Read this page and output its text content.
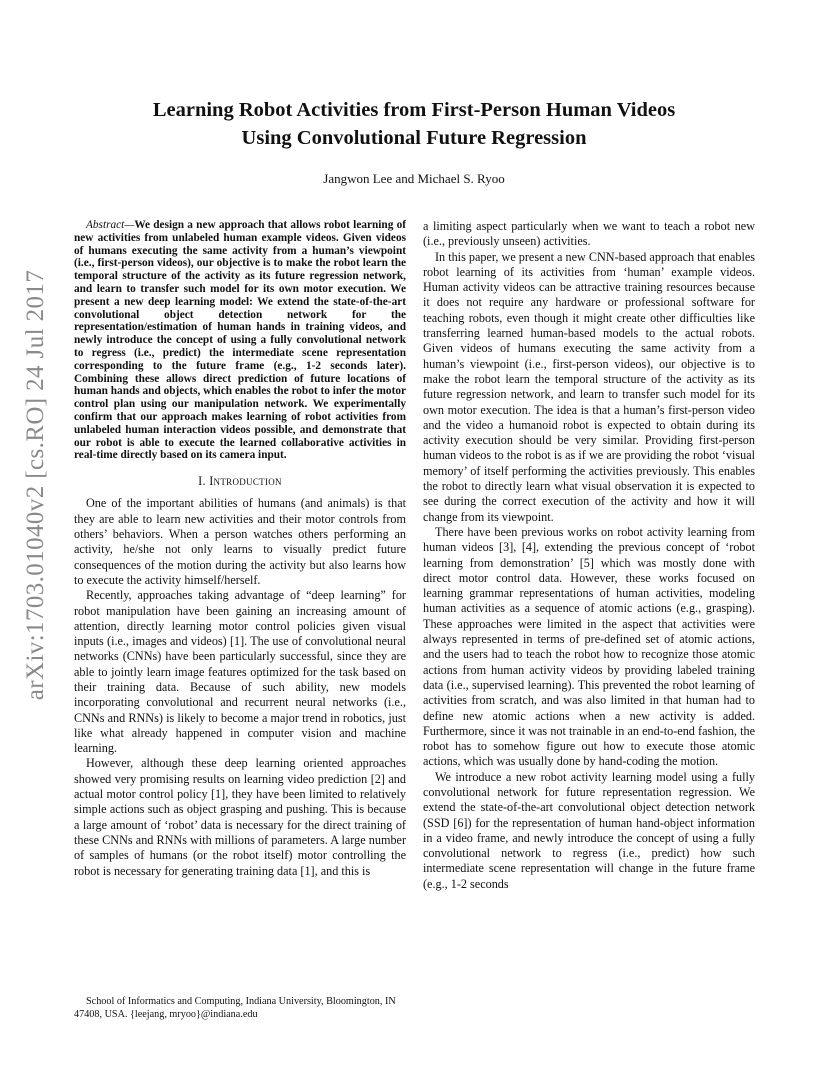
Learning Robot Activities from First-Person Human Videos
Using Convolutional Future Regression
Jangwon Lee and Michael S. Ryoo
arXiv:1703.01040v2 [cs.RO] 24 Jul 2017

Abstract—We design a new approach that allows robot learning of new activities from unlabeled human example videos. Given videos of humans executing the same activity from a human’s viewpoint (i.e., first-person videos), our objective is to make the robot learn the temporal structure of the activity as its future regression network, and learn to transfer such model for its own motor execution. We present a new deep learning model: We extend the state-of-the-art convolutional object detection network for the representation/estimation of human hands in training videos, and newly introduce the concept of using a fully convolutional network to regress (i.e., predict) the intermediate scene representation corresponding to the future frame (e.g., 1-2 seconds later). Combining these allows direct prediction of future locations of human hands and objects, which enables the robot to infer the motor control plan using our manipulation network. We experimentally confirm that our approach makes learning of robot activities from unlabeled human interaction videos possible, and demonstrate that our robot is able to execute the learned collaborative activities in real-time directly based on its camera input.

I. Introduction

One of the important abilities of humans (and animals) is that they are able to learn new activities and their motor controls from others’ behaviors. When a person watches others performing an activity, he/she not only learns to visually predict future consequences of the motion during the activity but also learns how to execute the activity himself/herself.

Recently, approaches taking advantage of “deep learning” for robot manipulation have been gaining an increasing amount of attention, directly learning motor control policies given visual inputs (i.e., images and videos) [1]. The use of convolutional neural networks (CNNs) have been particularly successful, since they are able to jointly learn image features optimized for the task based on their training data. Because of such ability, new models incorporating convolutional and recurrent neural networks (i.e., CNNs and RNNs) is likely to become a major trend in robotics, just like what already happened in computer vision and machine learning.

However, although these deep learning oriented approaches showed very promising results on learning video prediction [2] and actual motor control policy [1], they have been limited to relatively simple actions such as object grasping and pushing. This is because a large amount of ‘robot’ data is necessary for the direct training of these CNNs and RNNs with millions of parameters. A large number of samples of humans (or the robot itself) motor controlling the robot is necessary for generating training data [1], and this is

a limiting aspect particularly when we want to teach a robot new (i.e., previously unseen) activities.

In this paper, we present a new CNN-based approach that enables robot learning of its activities from ‘human’ example videos. Human activity videos can be attractive training resources because it does not require any hardware or professional software for teaching robots, even though it might create other difficulties like transferring learned human-based models to the actual robots. Given videos of humans executing the same activity from a human’s viewpoint (i.e., first-person videos), our objective is to make the robot learn the temporal structure of the activity as its future regression network, and learn to transfer such model for its own motor execution. The idea is that a human’s first-person video and the video a humanoid robot is expected to obtain during its activity execution should be very similar. Providing first-person human videos to the robot is as if we are providing the robot ‘visual memory’ of itself performing the activities previously. This enables the robot to directly learn what visual observation it is expected to see during the correct execution of the activity and how it will change from its viewpoint.

There have been previous works on robot activity learning from human videos [3], [4], extending the previous concept of ‘robot learning from demonstration’ [5] which was mostly done with direct motor control data. However, these works focused on learning grammar representations of human activities, modeling human activities as a sequence of atomic actions (e.g., grasping). These approaches were limited in the aspect that activities were always represented in terms of pre-defined set of atomic actions, and the users had to teach the robot how to recognize those atomic actions from human activity videos by providing labeled training data (i.e., supervised learning). This prevented the robot learning of activities from scratch, and was also limited in that human had to define new atomic actions when a new activity is added. Furthermore, since it was not trainable in an end-to-end fashion, the robot has to somehow figure out how to execute those atomic actions, which was usually done by hand-coding the motion.

We introduce a new robot activity learning model using a fully convolutional network for future representation regression. We extend the state-of-the-art convolutional object detection network (SSD [6]) for the representation of human hand-object information in a video frame, and newly introduce the concept of using a fully convolutional network to regress (i.e., predict) how such intermediate scene representation will change in the future frame (e.g., 1-2 seconds

School of Informatics and Computing, Indiana University, Bloomington, IN 47408, USA. {leejang, mryoo}@indiana.edu
